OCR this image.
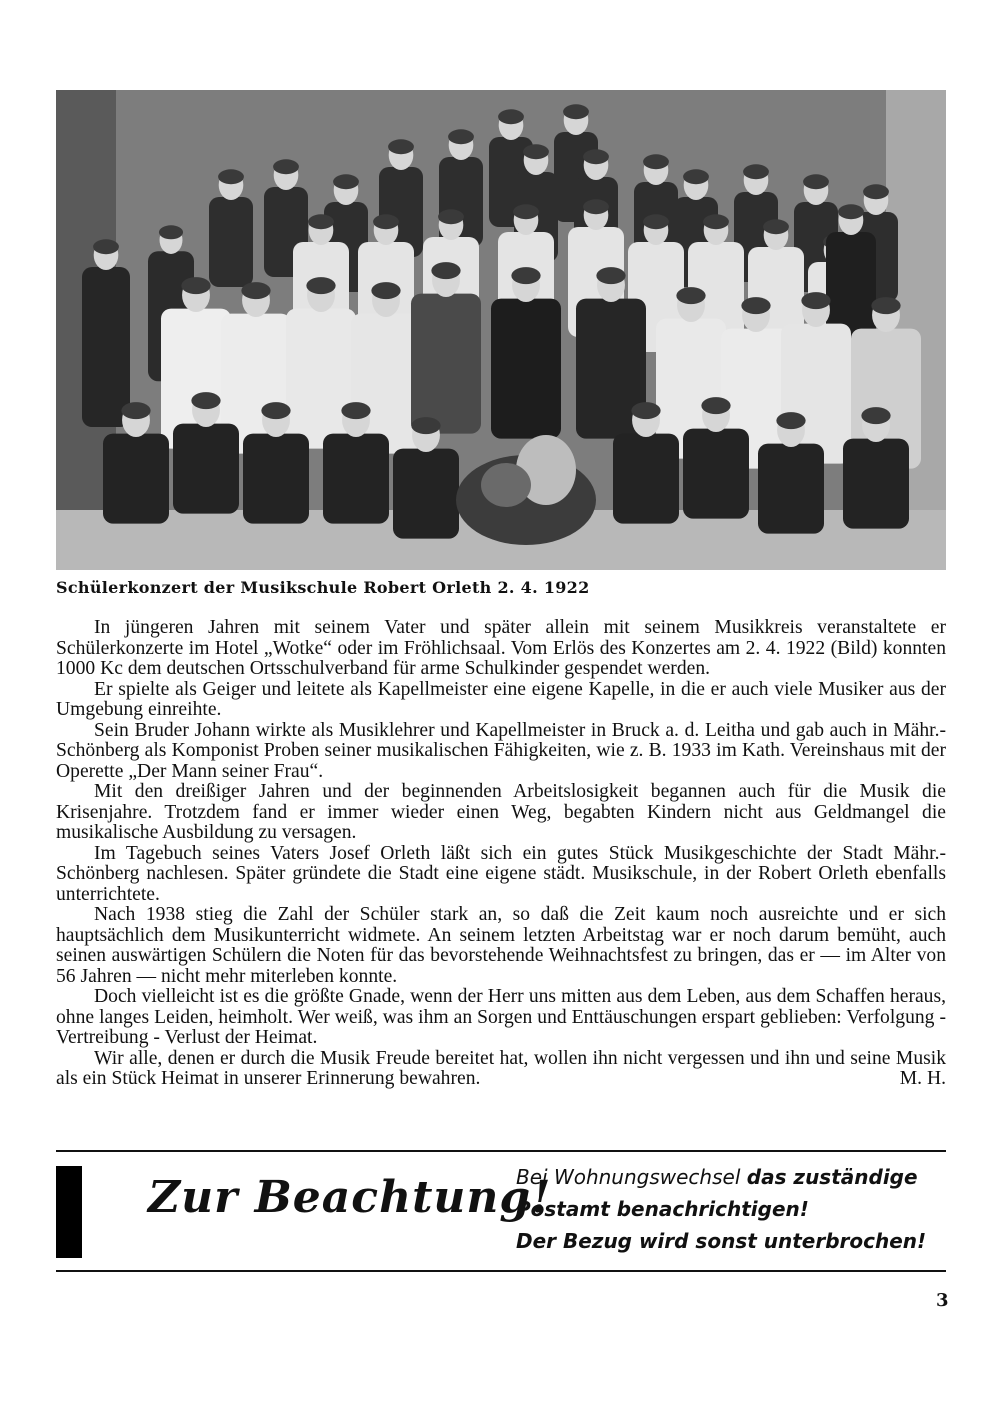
Schülerkonzert der Musikschule Robert Orleth 2. 4. 1922

In jüngeren Jahren mit seinem Vater und später allein mit seinem Musikkreis veranstaltete er Schülerkonzerte im Hotel „Wotke“ oder im Fröhlichsaal. Vom Erlös des Konzertes am 2. 4. 1922 (Bild) konnten 1000 Kc dem deutschen Ortsschulverband für arme Schulkinder gespendet werden.

Er spielte als Geiger und leitete als Kapellmeister eine eigene Kapelle, in die er auch viele Musiker aus der Umgebung einreihte.

Sein Bruder Johann wirkte als Musiklehrer und Kapellmeister in Bruck a. d. Leitha und gab auch in Mähr.-Schönberg als Komponist Proben seiner musikalischen Fähigkeiten, wie z. B. 1933 im Kath. Vereinshaus mit der Operette „Der Mann seiner Frau“.

Mit den dreißiger Jahren und der beginnenden Arbeitslosigkeit begannen auch für die Musik die Krisenjahre. Trotzdem fand er immer wieder einen Weg, begabten Kindern nicht aus Geldmangel die musikalische Ausbildung zu versagen.

Im Tagebuch seines Vaters Josef Orleth läßt sich ein gutes Stück Musikgeschichte der Stadt Mähr.-Schönberg nachlesen. Später gründete die Stadt eine eigene städt. Musikschule, in der Robert Orleth ebenfalls unterrichtete.

Nach 1938 stieg die Zahl der Schüler stark an, so daß die Zeit kaum noch ausreichte und er sich hauptsächlich dem Musikunterricht widmete. An seinem letzten Arbeitstag war er noch darum bemüht, auch seinen auswärtigen Schülern die Noten für das bevorstehende Weihnachtsfest zu bringen, das er — im Alter von 56 Jahren — nicht mehr miterleben konnte.

Doch vielleicht ist es die größte Gnade, wenn der Herr uns mitten aus dem Leben, aus dem Schaffen heraus, ohne langes Leiden, heimholt. Wer weiß, was ihm an Sorgen und Enttäuschungen erspart geblieben: Verfolgung - Vertreibung - Verlust der Heimat.

Wir alle, denen er durch die Musik Freude bereitet hat, wollen ihn nicht vergessen und ihn und seine Musik als ein Stück Heimat in unserer Erinnerung bewahren.	M. H.

Zur Beachtung!
Bei Wohnungswechsel das zuständige
Postamt benachrichtigen!
Der Bezug wird sonst unterbrochen!
3
